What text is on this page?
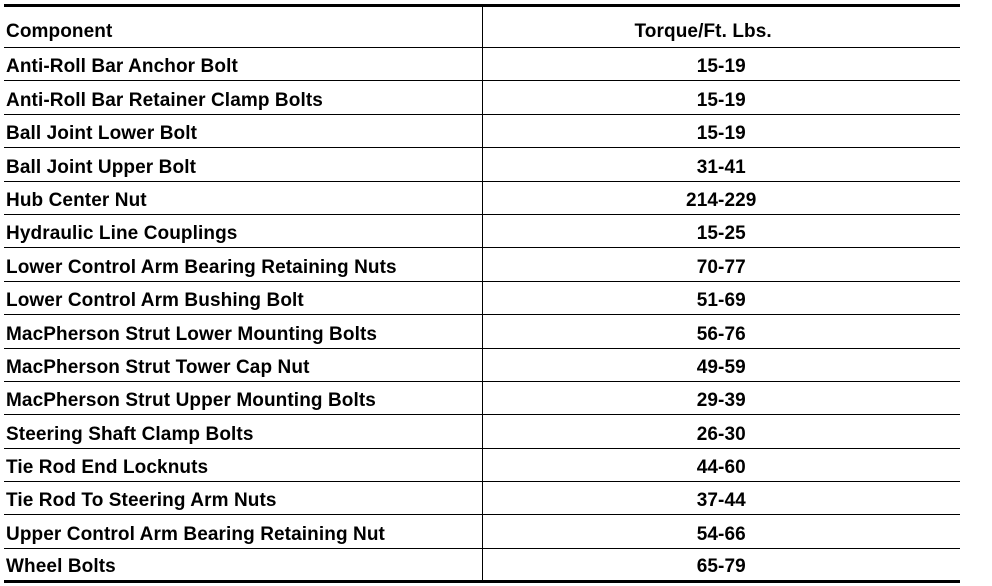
Component	Torque/Ft. Lbs.
Anti-Roll Bar Anchor Bolt	15-19
Anti-Roll Bar Retainer Clamp Bolts	15-19
Ball Joint Lower Bolt	15-19
Ball Joint Upper Bolt	31-41
Hub Center Nut	214-229
Hydraulic Line Couplings	15-25
Lower Control Arm Bearing Retaining Nuts	70-77
Lower Control Arm Bushing Bolt	51-69
MacPherson Strut Lower Mounting Bolts	56-76
MacPherson Strut Tower Cap Nut	49-59
MacPherson Strut Upper Mounting Bolts	29-39
Steering Shaft Clamp Bolts	26-30
Tie Rod End Locknuts	44-60
Tie Rod To Steering Arm Nuts	37-44
Upper Control Arm Bearing Retaining Nut	54-66
Wheel Bolts	65-79
